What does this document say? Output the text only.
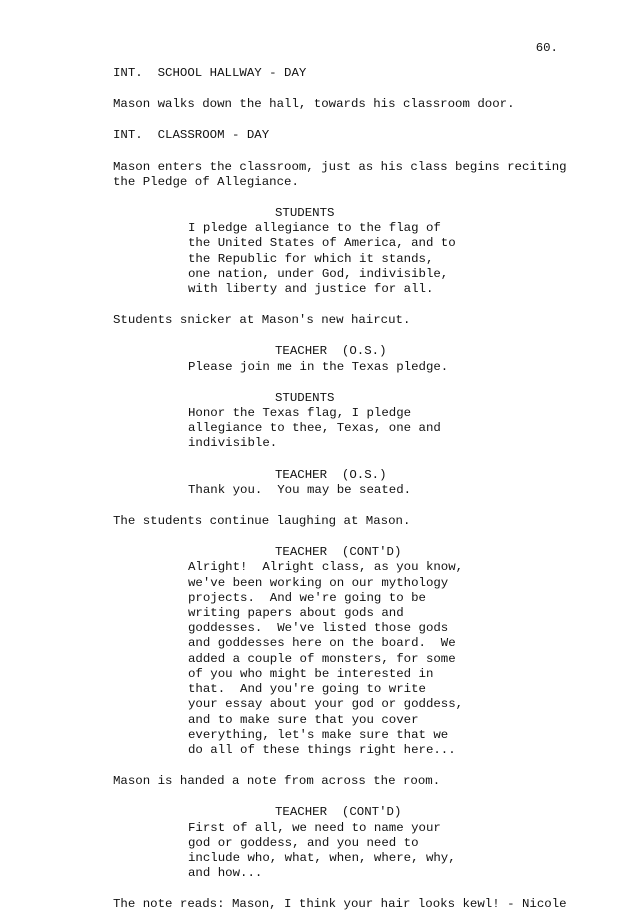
60.
INT.  SCHOOL HALLWAY - DAY
Mason walks down the hall, towards his classroom door.
INT.  CLASSROOM - DAY
Mason enters the classroom, just as his class begins reciting
the Pledge of Allegiance.
STUDENTS
I pledge allegiance to the flag of
the United States of America, and to
the Republic for which it stands,
one nation, under God, indivisible,
with liberty and justice for all.
Students snicker at Mason's new haircut.
TEACHER  (O.S.)
Please join me in the Texas pledge.
STUDENTS
Honor the Texas flag, I pledge
allegiance to thee, Texas, one and
indivisible.
TEACHER  (O.S.)
Thank you.  You may be seated.
The students continue laughing at Mason.
TEACHER  (CONT'D)
Alright!  Alright class, as you know,
we've been working on our mythology
projects.  And we're going to be
writing papers about gods and
goddesses.  We've listed those gods
and goddesses here on the board.  We
added a couple of monsters, for some
of you who might be interested in
that.  And you're going to write
your essay about your god or goddess,
and to make sure that you cover
everything, let's make sure that we
do all of these things right here...
Mason is handed a note from across the room.
TEACHER  (CONT'D)
First of all, we need to name your
god or goddess, and you need to
include who, what, when, where, why,
and how...
The note reads: Mason, I think your hair looks kewl! - Nicole
